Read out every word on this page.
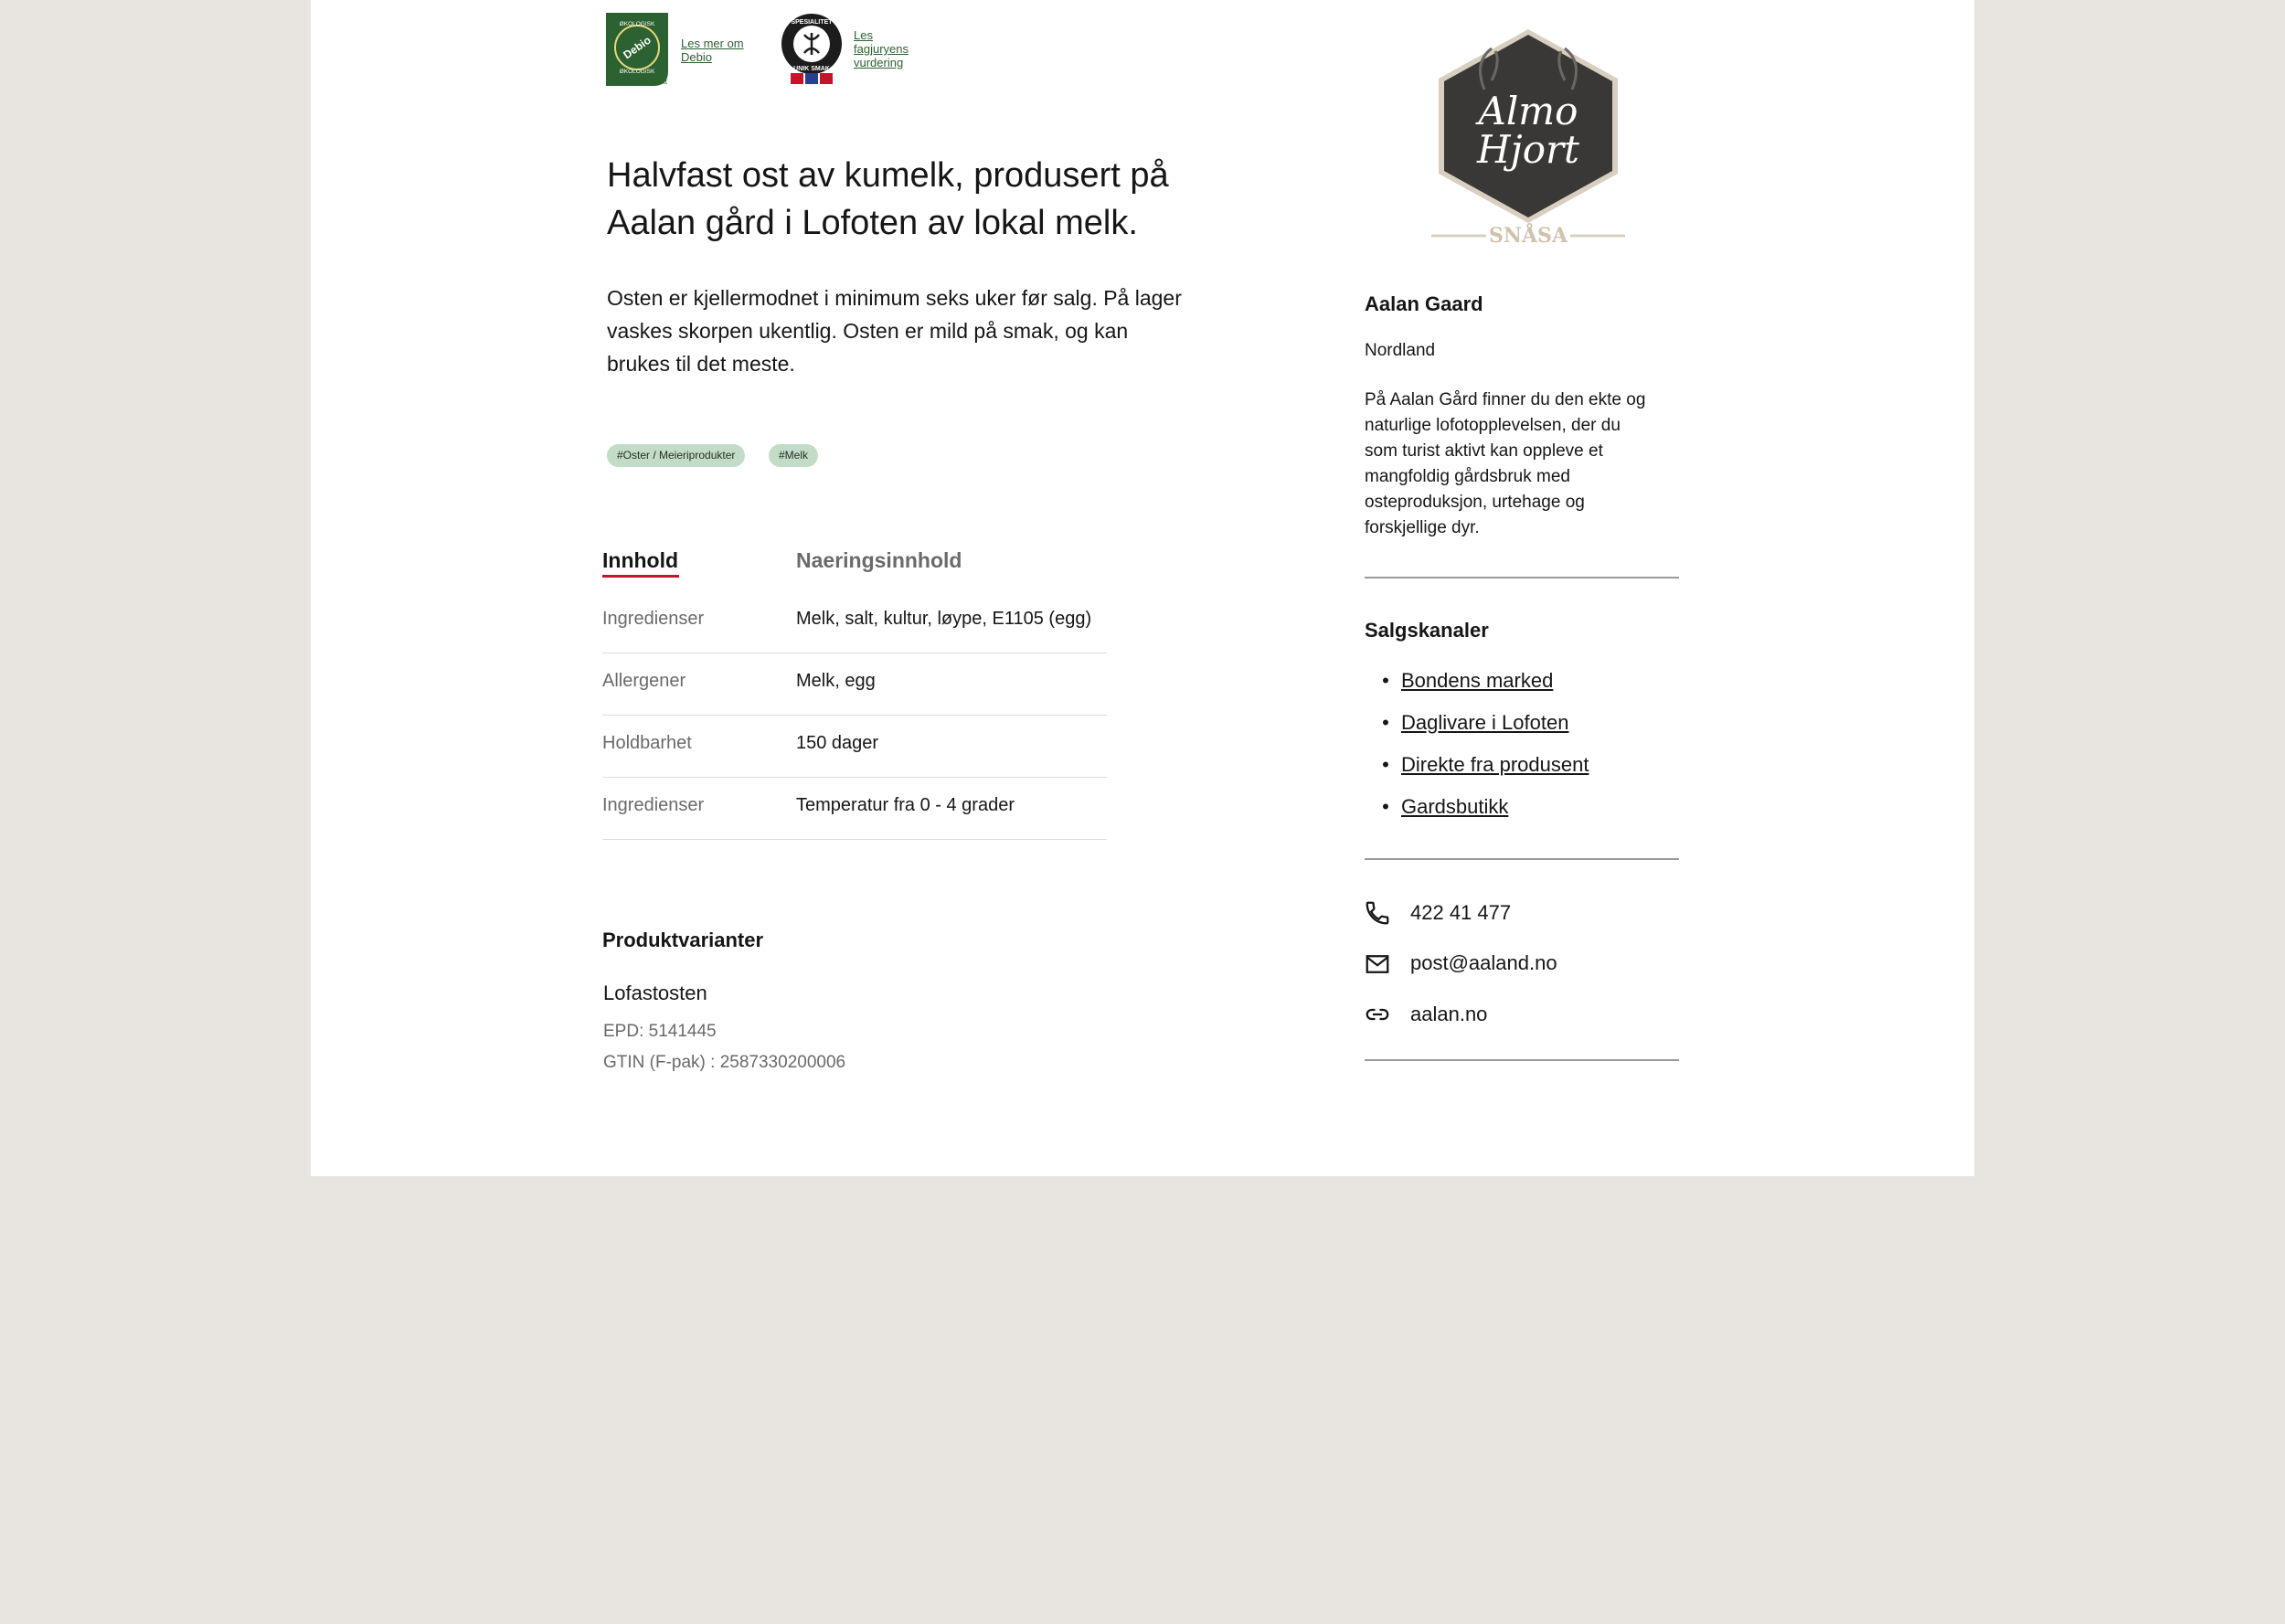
Debio
ØKOLOGISK
ØKOLOGISK
◂ Debio godkjent
Les mer om Debio
SPESIALITET
UNIK SMAK
Les fagjuryens vurdering
Halvfast ost av kumelk, produsert på
Aalan gård i Lofoten av lokal melk.
Osten er kjellermodnet i minimum seks uker før salg. På lager
vaskes skorpen ukentlig. Osten er mild på smak, og kan
brukes til det meste.
#Oster / Meieriprodukter	#Melk
Innhold	Naeringsinnhold
Ingredienser	Melk, salt, kultur, løype, E1105 (egg)
Allergener	Melk, egg
Holdbarhet	150 dager
Ingredienser	Temperatur fra 0 - 4 grader
Produktvarianter
Lofastosten
EPD: 5141445
GTIN (F-pak) : 2587330200006
Almo
Hjort
SNÅSA
Aalan Gaard
Nordland
På Aalan Gård finner du den ekte og
naturlige lofotopplevelsen, der du
som turist aktivt kan oppleve et
mangfoldig gårdsbruk med
osteproduksjon, urtehage og
forskjellige dyr.
Salgskanaler
• Bondens marked
• Daglivare i Lofoten
• Direkte fra produsent
• Gardsbutikk
422 41 477
post@aaland.no
aalan.no
